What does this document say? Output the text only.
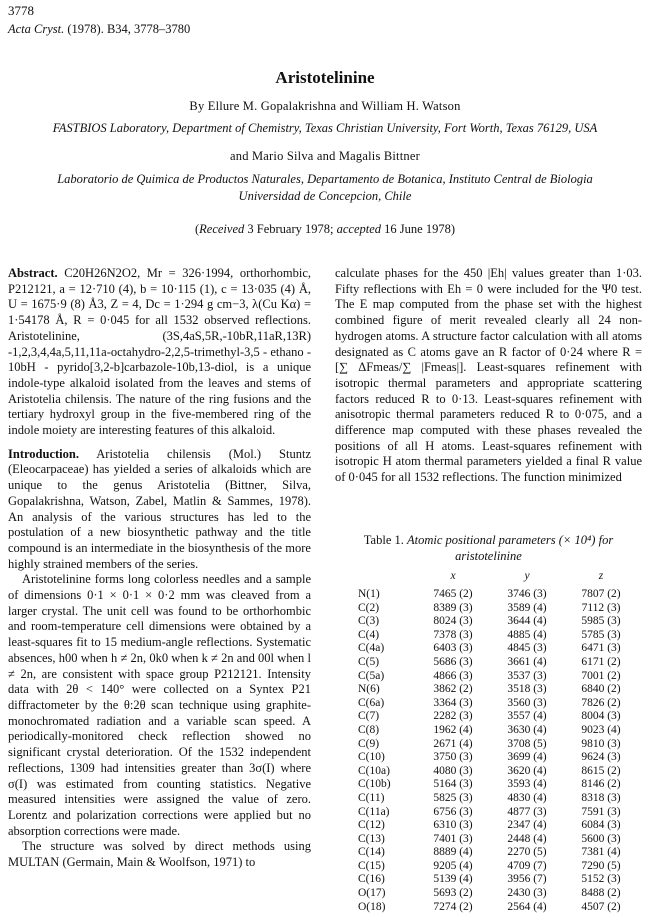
3778
Acta Cryst. (1978). B34, 3778–3780
Aristotelinine
By Ellure M. Gopalakrishna and William H. Watson
FASTBIOS Laboratory, Department of Chemistry, Texas Christian University, Fort Worth, Texas 76129, USA
and Mario Silva and Magalis Bittner
Laboratorio de Quimica de Productos Naturales, Departamento de Botanica, Instituto Central de Biologia
Universidad de Concepcion, Chile
(Received 3 February 1978; accepted 16 June 1978)

Abstract. C20H26N2O2, Mr = 326·1994, orthorhombic, P212121, a = 12·710 (4), b = 10·115 (1), c = 13·035 (4) Å, U = 1675·9 (8) Å3, Z = 4, Dc = 1·294 g cm−3, λ(Cu Kα) = 1·54178 Å, R = 0·045 for all 1532 observed reflections. Aristotelinine, (3S,4aS,5R,-10bR,11aR,13R) -1,2,3,4,4a,5,11,11a-octahydro-2,2,5-trimethyl-3,5 - ethano - 10bH - pyrido[3,2-b]carbazole-10b,13-diol, is a unique indole-type alkaloid isolated from the leaves and stems of Aristotelia chilensis. The nature of the ring fusions and the tertiary hydroxyl group in the five-membered ring of the indole moiety are interesting features of this alkaloid.

Introduction. Aristotelia chilensis (Mol.) Stuntz (Eleocarpaceae) has yielded a series of alkaloids which are unique to the genus Aristotelia (Bittner, Silva, Gopalakrishna, Watson, Zabel, Matlin & Sammes, 1978). An analysis of the various structures has led to the postulation of a new biosynthetic pathway and the title compound is an intermediate in the biosynthesis of the more highly strained members of the series.

Aristotelinine forms long colorless needles and a sample of dimensions 0·1 × 0·1 × 0·2 mm was cleaved from a larger crystal. The unit cell was found to be orthorhombic and room-temperature cell dimensions were obtained by a least-squares fit to 15 medium-angle reflections. Systematic absences, h00 when h ≠ 2n, 0k0 when k ≠ 2n and 00l when l ≠ 2n, are consistent with space group P212121. Intensity data with 2θ < 140° were collected on a Syntex P21 diffractometer by the θ:2θ scan technique using graphite-monochromated radiation and a variable scan speed. A periodically-monitored check reflection showed no significant crystal deterioration. Of the 1532 independent reflections, 1309 had intensities greater than 3σ(I) where σ(I) was estimated from counting statistics. Negative measured intensities were assigned the value of zero. Lorentz and polarization corrections were applied but no absorption corrections were made.

The structure was solved by direct methods using MULTAN (Germain, Main & Woolfson, 1971) to

calculate phases for the 450 |Eh| values greater than 1·03. Fifty reflections with Eh = 0 were included for the Ψ0 test. The E map computed from the phase set with the highest combined figure of merit revealed clearly all 24 non-hydrogen atoms. A structure factor calculation with all atoms designated as C atoms gave an R factor of 0·24 where R = [∑ ΔFmeas/∑ |Fmeas|]. Least-squares refinement with isotropic thermal parameters and appropriate scattering factors reduced R to 0·13. Least-squares refinement with anisotropic thermal parameters reduced R to 0·075, and a difference map computed with these phases revealed the positions of all H atoms. Least-squares refinement with isotropic H atom thermal parameters yielded a final R value of 0·045 for all 1532 reflections. The function minimized

Table 1. Atomic positional parameters (× 10⁴) for
aristotelinine
	x	y	z
N(1)	7465 (2)	3746 (3)	7807 (2)
C(2)	8389 (3)	3589 (4)	7112 (3)
C(3)	8024 (3)	3644 (4)	5985 (3)
C(4)	7378 (3)	4885 (4)	5785 (3)
C(4a)	6403 (3)	4845 (3)	6471 (3)
C(5)	5686 (3)	3661 (4)	6171 (2)
C(5a)	4866 (3)	3537 (3)	7001 (2)
N(6)	3862 (2)	3518 (3)	6840 (2)
C(6a)	3364 (3)	3560 (3)	7826 (2)
C(7)	2282 (3)	3557 (4)	8004 (3)
C(8)	1962 (4)	3630 (4)	9023 (4)
C(9)	2671 (4)	3708 (5)	9810 (3)
C(10)	3750 (3)	3699 (4)	9624 (3)
C(10a)	4080 (3)	3620 (4)	8615 (2)
C(10b)	5164 (3)	3593 (4)	8146 (2)
C(11)	5825 (3)	4830 (4)	8318 (3)
C(11a)	6756 (3)	4877 (3)	7591 (3)
C(12)	6310 (3)	2347 (4)	6084 (3)
C(13)	7401 (3)	2448 (4)	5600 (3)
C(14)	8889 (4)	2270 (5)	7381 (4)
C(15)	9205 (4)	4709 (7)	7290 (5)
C(16)	5139 (4)	3956 (7)	5152 (3)
O(17)	5693 (2)	2430 (3)	8488 (2)
O(18)	7274 (2)	2564 (4)	4507 (2)
